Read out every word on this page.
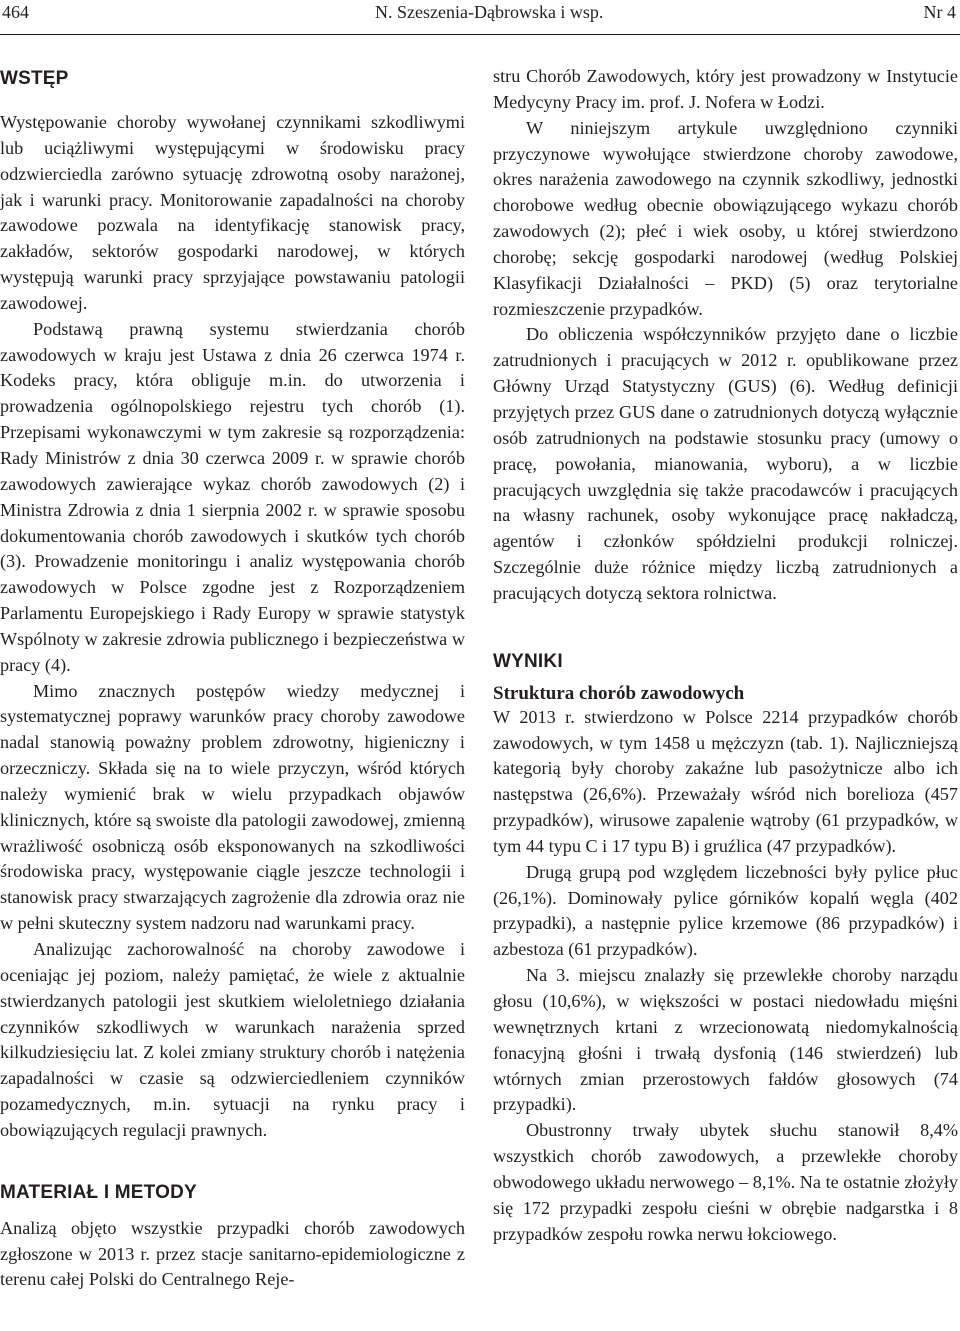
464	N. Szeszenia-Dąbrowska i wsp.	Nr 4
WSTĘP

Występowanie choroby wywołanej czynnikami szkodliwymi lub uciążliwymi występującymi w środowisku pracy odzwierciedla zarówno sytuację zdrowotną osoby narażonej, jak i warunki pracy. Monitorowanie zapadalności na choroby zawodowe pozwala na identyfikację stanowisk pracy, zakładów, sektorów gospodarki narodowej, w których występują warunki pracy sprzyjające powstawaniu patologii zawodowej.

Podstawą prawną systemu stwierdzania chorób zawodowych w kraju jest Ustawa z dnia 26 czerwca 1974 r. Kodeks pracy, która obliguje m.in. do utworzenia i prowadzenia ogólnopolskiego rejestru tych chorób (1). Przepisami wykonawczymi w tym zakresie są rozporządzenia: Rady Ministrów z dnia 30 czerwca 2009 r. w sprawie chorób zawodowych zawierające wykaz chorób zawodowych (2) i Ministra Zdrowia z dnia 1 sierpnia 2002 r. w sprawie sposobu dokumentowania chorób zawodowych i skutków tych chorób (3). Prowadzenie monitoringu i analiz występowania chorób zawodowych w Polsce zgodne jest z Rozporządzeniem Parlamentu Europejskiego i Rady Europy w sprawie statystyk Wspólnoty w zakresie zdrowia publicznego i bezpieczeństwa w pracy (4).

Mimo znacznych postępów wiedzy medycznej i systematycznej poprawy warunków pracy choroby zawodowe nadal stanowią poważny problem zdrowotny, higieniczny i orzeczniczy. Składa się na to wiele przyczyn, wśród których należy wymienić brak w wielu przypadkach objawów klinicznych, które są swoiste dla patologii zawodowej, zmienną wrażliwość osobniczą osób eksponowanych na szkodliwości środowiska pracy, występowanie ciągle jeszcze technologii i stanowisk pracy stwarzających zagrożenie dla zdrowia oraz nie w pełni skuteczny system nadzoru nad warunkami pracy.

Analizując zachorowalność na choroby zawodowe i oceniając jej poziom, należy pamiętać, że wiele z aktualnie stwierdzanych patologii jest skutkiem wieloletniego działania czynników szkodliwych w warunkach narażenia sprzed kilkudziesięciu lat. Z kolei zmiany struktury chorób i natężenia zapadalności w czasie są odzwierciedleniem czynników pozamedycznych, m.in. sytuacji na rynku pracy i obowiązujących regulacji prawnych.

MATERIAŁ I METODY

Analizą objęto wszystkie przypadki chorób zawodowych zgłoszone w 2013 r. przez stacje sanitarno-epidemiologiczne z terenu całej Polski do Centralnego Reje-

stru Chorób Zawodowych, który jest prowadzony w Instytucie Medycyny Pracy im. prof. J. Nofera w Łodzi.

W niniejszym artykule uwzględniono czynniki przyczynowe wywołujące stwierdzone choroby zawodowe, okres narażenia zawodowego na czynnik szkodliwy, jednostki chorobowe według obecnie obowiązującego wykazu chorób zawodowych (2); płeć i wiek osoby, u której stwierdzono chorobę; sekcję gospodarki narodowej (według Polskiej Klasyfikacji Działalności – PKD) (5) oraz terytorialne rozmieszczenie przypadków.

Do obliczenia współczynników przyjęto dane o liczbie zatrudnionych i pracujących w 2012 r. opublikowane przez Główny Urząd Statystyczny (GUS) (6). Według definicji przyjętych przez GUS dane o zatrudnionych dotyczą wyłącznie osób zatrudnionych na podstawie stosunku pracy (umowy o pracę, powołania, mianowania, wyboru), a w liczbie pracujących uwzględnia się także pracodawców i pracujących na własny rachunek, osoby wykonujące pracę nakładczą, agentów i członków spółdzielni produkcji rolniczej. Szczególnie duże różnice między liczbą zatrudnionych a pracujących dotyczą sektora rolnictwa.

WYNIKI
Struktura chorób zawodowych

W 2013 r. stwierdzono w Polsce 2214 przypadków chorób zawodowych, w tym 1458 u mężczyzn (tab. 1). Najliczniejszą kategorią były choroby zakaźne lub pasożytnicze albo ich następstwa (26,6%). Przeważały wśród nich borelioza (457 przypadków), wirusowe zapalenie wątroby (61 przypadków, w tym 44 typu C i 17 typu B) i gruźlica (47 przypadków).

Drugą grupą pod względem liczebności były pylice płuc (26,1%). Dominowały pylice górników kopalń węgla (402 przypadki), a następnie pylice krzemowe (86 przypadków) i azbestoza (61 przypadków).

Na 3. miejscu znalazły się przewlekłe choroby narządu głosu (10,6%), w większości w postaci niedowładu mięśni wewnętrznych krtani z wrzecionowatą niedomykalnością fonacyjną głośni i trwałą dysfonią (146 stwierdzeń) lub wtórnych zmian przerostowych fałdów głosowych (74 przypadki).

Obustronny trwały ubytek słuchu stanowił 8,4% wszystkich chorób zawodowych, a przewlekłe choroby obwodowego układu nerwowego – 8,1%. Na te ostatnie złożyły się 172 przypadki zespołu cieśni w obrębie nadgarstka i 8 przypadków zespołu rowka nerwu łokciowego.
